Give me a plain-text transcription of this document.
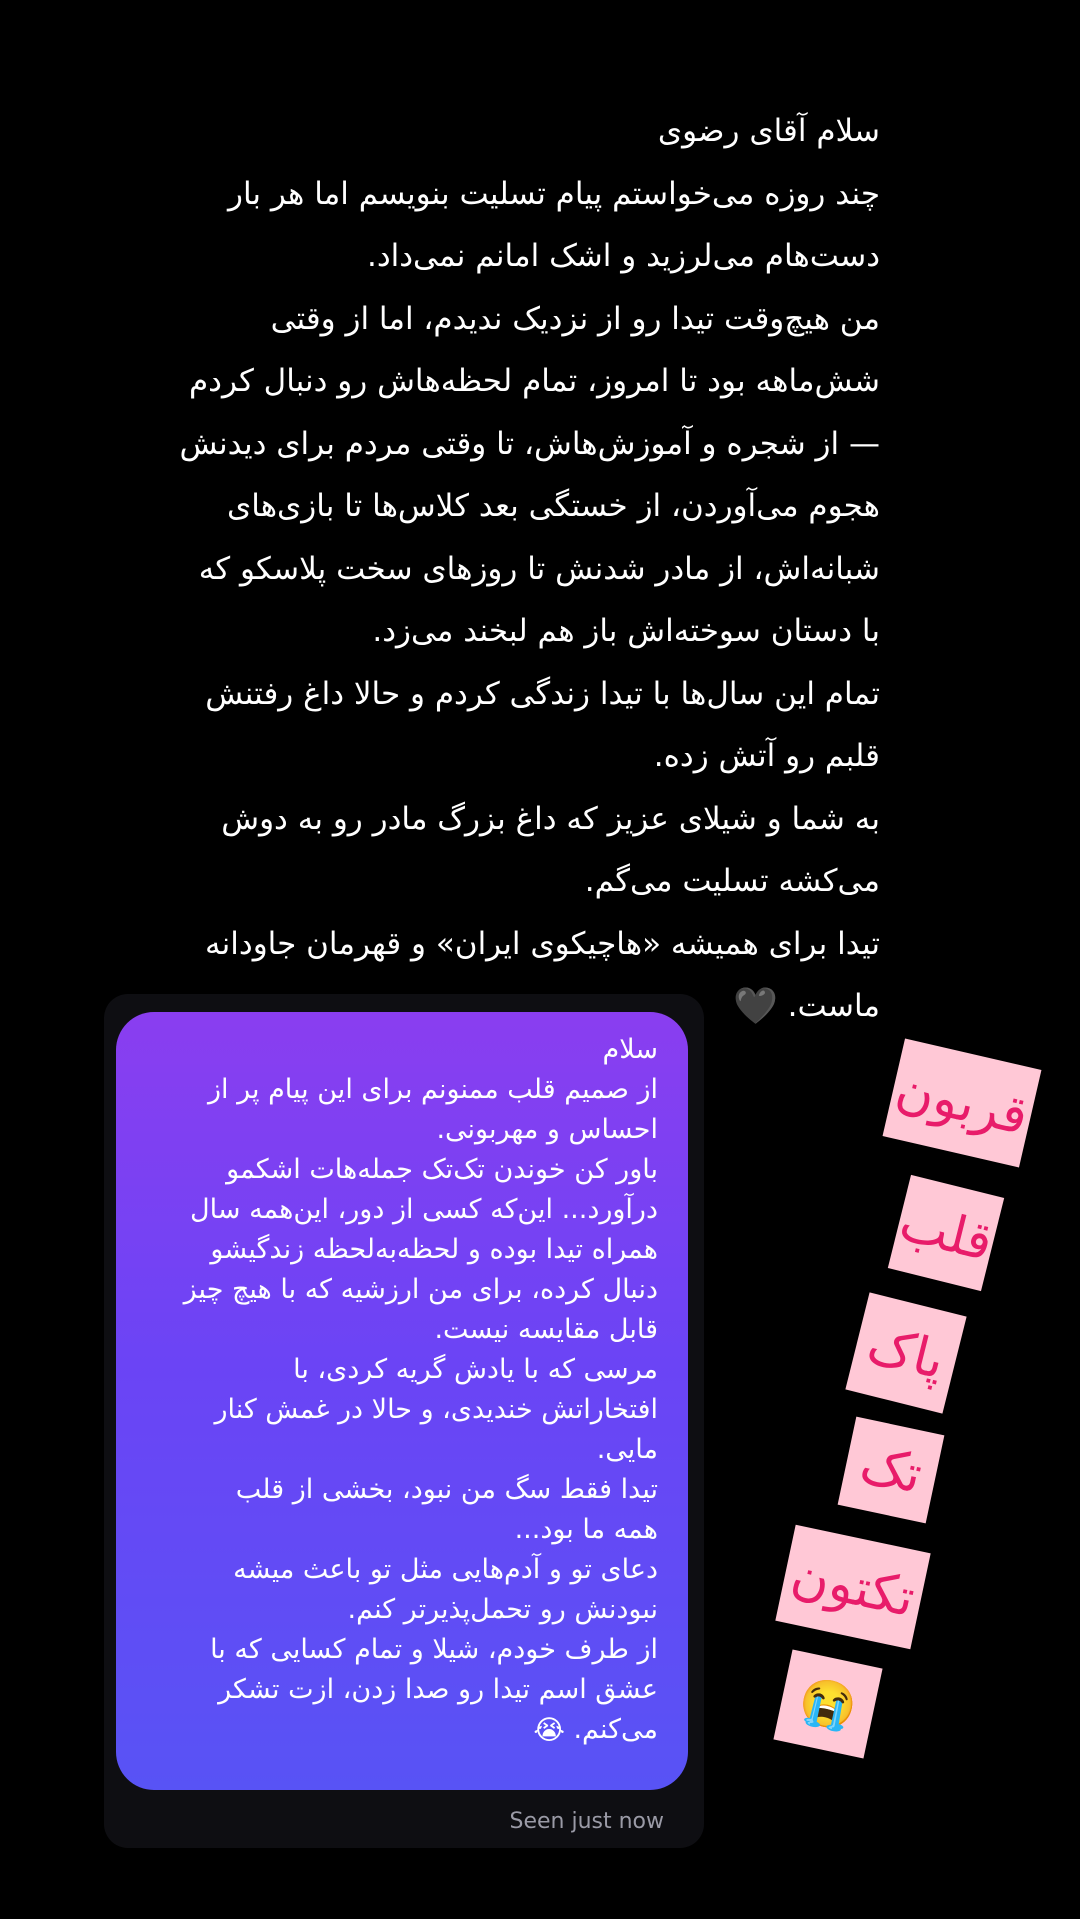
سلام آقای رضوی
چند روزه می‌خواستم پیام تسلیت بنویسم اما هر بار
دست‌هام می‌لرزید و اشک امانم نمی‌داد.
من هیچ‌وقت تیدا رو از نزدیک ندیدم، اما از وقتی
شش‌ماهه بود تا امروز، تمام لحظه‌هاش رو دنبال کردم
— از شجره و آموزش‌هاش، تا وقتی مردم برای دیدنش
هجوم می‌آوردن، از خستگی بعد کلاس‌ها تا بازی‌های
شبانه‌اش، از مادر شدنش تا روزهای سخت پلاسکو که
با دستان سوخته‌اش باز هم لبخند می‌زد.
تمام این سال‌ها با تیدا زندگی کردم و حالا داغ رفتنش
قلبم رو آتش زده.
به شما و شیلای عزیز که داغ بزرگ مادر رو به دوش
می‌کشه تسلیت می‌گم.
تیدا برای همیشه «هاچیکوی ایران» و قهرمان جاودانه
ماست. 🖤
سلام
از صمیم قلب ممنونم برای این پیام پر از
احساس و مهربونی.
باور کن خوندن تک‌تک جمله‌هات اشکمو
درآورد... این‌که کسی از دور، این‌همه سال
همراه تیدا بوده و لحظه‌به‌لحظه زندگیشو
دنبال کرده، برای من ارزشیه که با هیچ چیز
قابل مقایسه نیست.
مرسی که با یادش گریه کردی، با
افتخاراتش خندیدی، و حالا در غمش کنار
مایی.
تیدا فقط سگ من نبود، بخشی از قلب
همه ما بود...
دعای تو و آدم‌هایی مثل تو باعث میشه
نبودنش رو تحمل‌پذیرتر کنم.
از طرف خودم، شیلا و تمام کسایی که با
عشق اسم تیدا رو صدا زدن، ازت تشکر
می‌کنم. 😭
Seen just now
قربون
قلب
پاک
تک
تکتون
😭
